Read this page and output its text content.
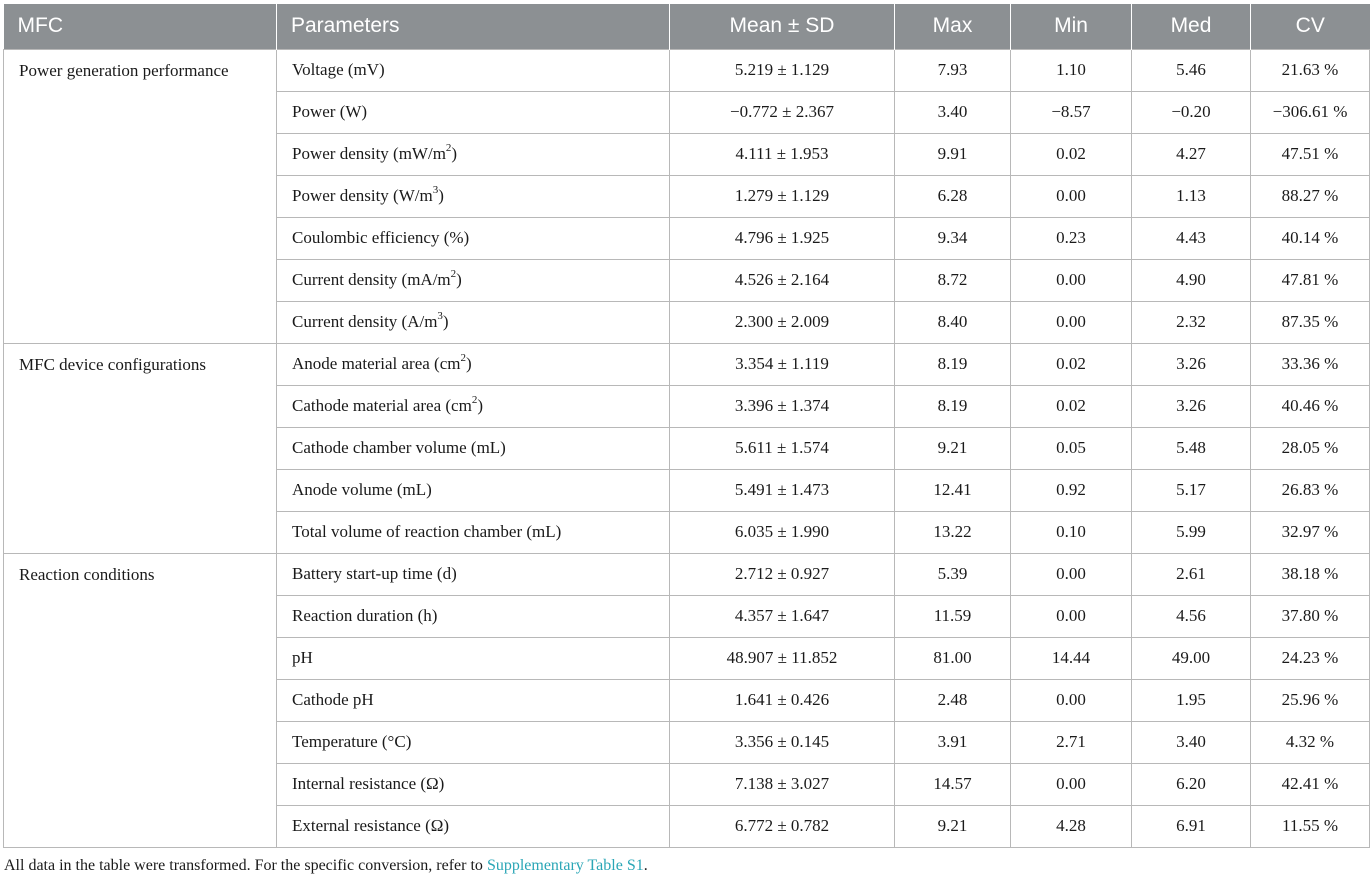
MFC	Parameters	Mean ± SD	Max	Min	Med	CV
Power generation performance	Voltage (mV)	5.219 ± 1.129	7.93	1.10	5.46	21.63 %
	Power (W)	−0.772 ± 2.367	3.40	−8.57	−0.20	−306.61 %
	Power density $(mW/m^2)$	4.111 ± 1.953	9.91	0.02	4.27	47.51 %
	Power density $(W/m^3)$	1.279 ± 1.129	6.28	0.00	1.13	88.27 %
	Coulombic efficiency (%)	4.796 ± 1.925	9.34	0.23	4.43	40.14 %
	Current density $(mA/m^2)$	4.526 ± 2.164	8.72	0.00	4.90	47.81 %
	Current density $(A/m^3)$	2.300 ± 2.009	8.40	0.00	2.32	87.35 %
MFC device configurations	Anode material area $(cm^2)$	3.354 ± 1.119	8.19	0.02	3.26	33.36 %
	Cathode material area $(cm^2)$	3.396 ± 1.374	8.19	0.02	3.26	40.46 %
	Cathode chamber volume (mL)	5.611 ± 1.574	9.21	0.05	5.48	28.05 %
	Anode volume (mL)	5.491 ± 1.473	12.41	0.92	5.17	26.83 %
	Total volume of reaction chamber (mL)	6.035 ± 1.990	13.22	0.10	5.99	32.97 %
Reaction conditions	Battery start-up time (d)	2.712 ± 0.927	5.39	0.00	2.61	38.18 %
	Reaction duration (h)	4.357 ± 1.647	11.59	0.00	4.56	37.80 %
	pH	48.907 ± 11.852	81.00	14.44	49.00	24.23 %
	Cathode pH	1.641 ± 0.426	2.48	0.00	1.95	25.96 %
	Temperature (°C)	3.356 ± 0.145	3.91	2.71	3.40	4.32 %
	Internal resistance (Ω)	7.138 ± 3.027	14.57	0.00	6.20	42.41 %
	External resistance (Ω)	6.772 ± 0.782	9.21	4.28	6.91	11.55 %

All data in the table were transformed. For the specific conversion, refer to Supplementary Table S1.
